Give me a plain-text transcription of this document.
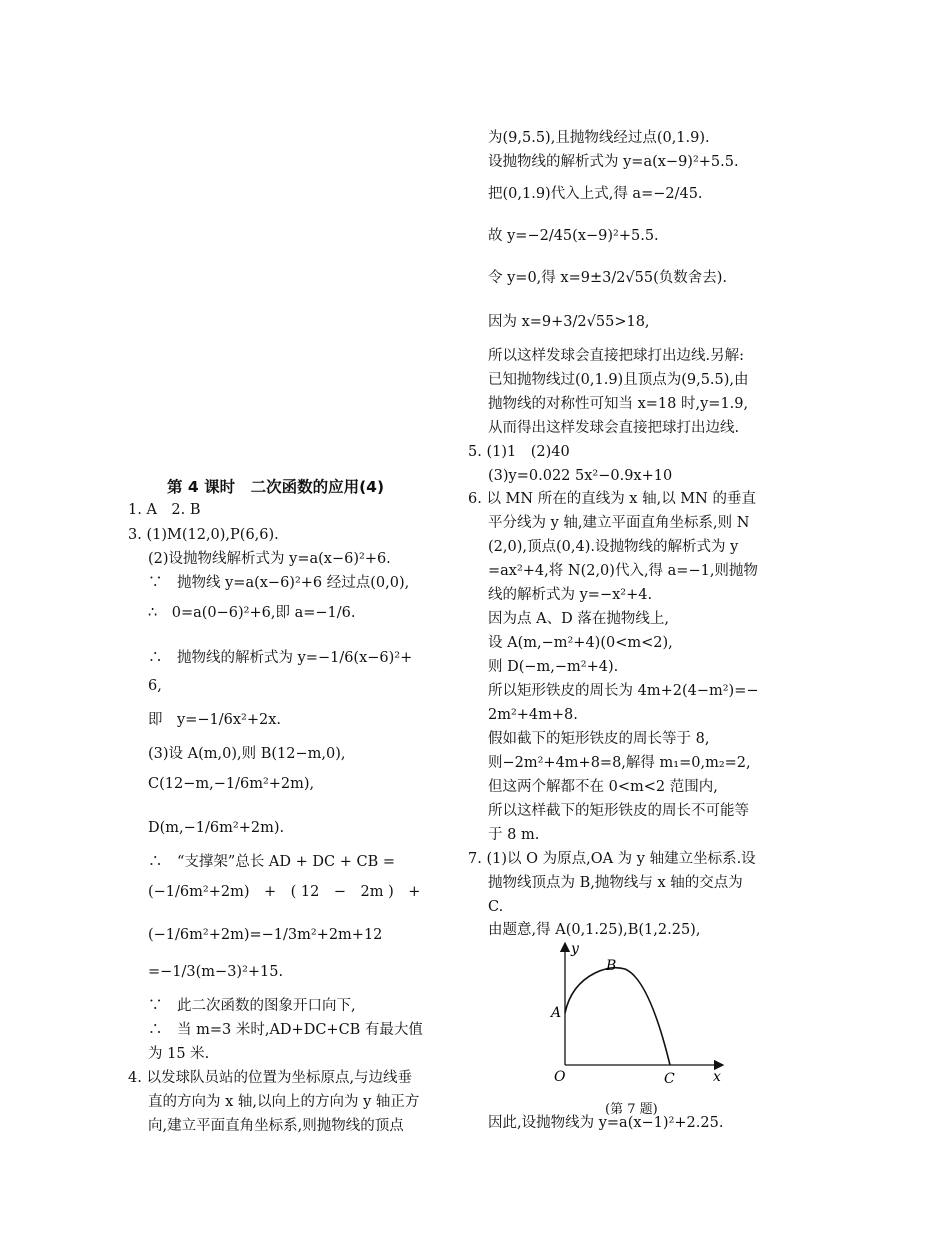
第 4 课时　二次函数的应用(4)
1. A　2. B
3. (1)M(12,0),P(6,6).
(2)设抛物线解析式为 y=a(x−6)²+6.
∵　抛物线 y=a(x−6)²+6 经过点(0,0),
∴　0=a(0−6)²+6,即 a=−1/6.
∴　抛物线的解析式为 y=−1/6(x−6)²+
6,
即　y=−1/6x²+2x.
(3)设 A(m,0),则 B(12−m,0),
C(12−m,−1/6m²+2m),
D(m,−1/6m²+2m).
∴　“支撑架”总长 AD + DC + CB =
(−1/6m²+2m)　+　( 12　−　2m )　+
(−1/6m²+2m)=−1/3m²+2m+12
=−1/3(m−3)²+15.
∵　此二次函数的图象开口向下,
∴　当 m=3 米时,AD+DC+CB 有最大值
为 15 米.
4. 以发球队员站的位置为坐标原点,与边线垂
直的方向为 x 轴,以向上的方向为 y 轴正方
向,建立平面直角坐标系,则抛物线的顶点
为(9,5.5),且抛物线经过点(0,1.9).
设抛物线的解析式为 y=a(x−9)²+5.5.
把(0,1.9)代入上式,得 a=−2/45.
故 y=−2/45(x−9)²+5.5.
令 y=0,得 x=9±3/2√55(负数舍去).
因为 x=9+3/2√55>18,
所以这样发球会直接把球打出边线.另解:
已知抛物线过(0,1.9)且顶点为(9,5.5),由
抛物线的对称性可知当 x=18 时,y=1.9,
从而得出这样发球会直接把球打出边线.
5. (1)1　(2)40
(3)y=0.022 5x²−0.9x+10
6. 以 MN 所在的直线为 x 轴,以 MN 的垂直
平分线为 y 轴,建立平面直角坐标系,则 N
(2,0),顶点(0,4).设抛物线的解析式为 y
=ax²+4,将 N(2,0)代入,得 a=−1,则抛物
线的解析式为 y=−x²+4.
因为点 A、D 落在抛物线上,
设 A(m,−m²+4)(0<m<2),
则 D(−m,−m²+4).
所以矩形铁皮的周长为 4m+2(4−m²)=−
2m²+4m+8.
假如截下的矩形铁皮的周长等于 8,
则−2m²+4m+8=8,解得 m₁=0,m₂=2,
但这两个解都不在 0<m<2 范围内,
所以这样截下的矩形铁皮的周长不可能等
于 8 m.
7. (1)以 O 为原点,OA 为 y 轴建立坐标系.设
抛物线顶点为 B,抛物线与 x 轴的交点为
C.
由题意,得 A(0,1.25),B(1,2.25),
y
x
B
A
O	C
(第 7 题)
因此,设抛物线为 y=a(x−1)²+2.25.
